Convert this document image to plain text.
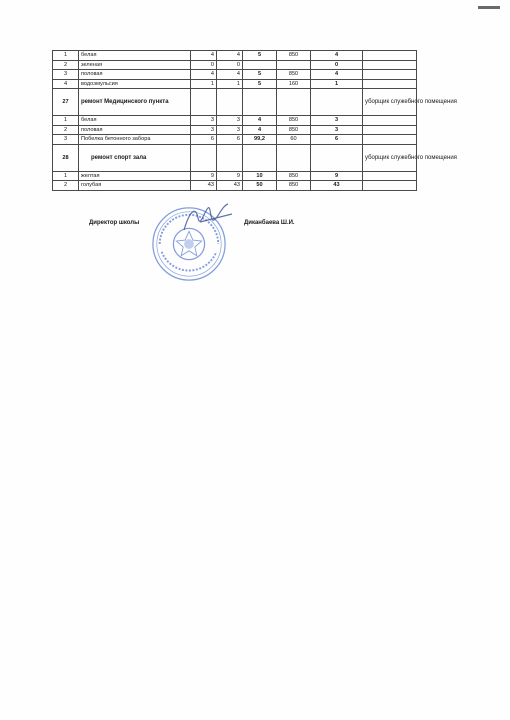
1	белая	4	4	5	850	4	
2	зеленая	0	0			0	
3	половая	4	4	5	850	4	
4	водоэмульсия	1	1	5	160	1	
27	ремонт Медицинского пункта						уборщик служебного помещения
1	белая	3	3	4	850	3	
2	половая	3	3	4	850	3	
3	Побелка бетонного забора	6	6	99,2	60	6	
28	ремонт спорт зала						уборщик служебного помещения
1	желтая	9	9	10	850	9	
2	голубая	43	43	50	850	43	
Директор школы	Диканбаева Ш.И.
